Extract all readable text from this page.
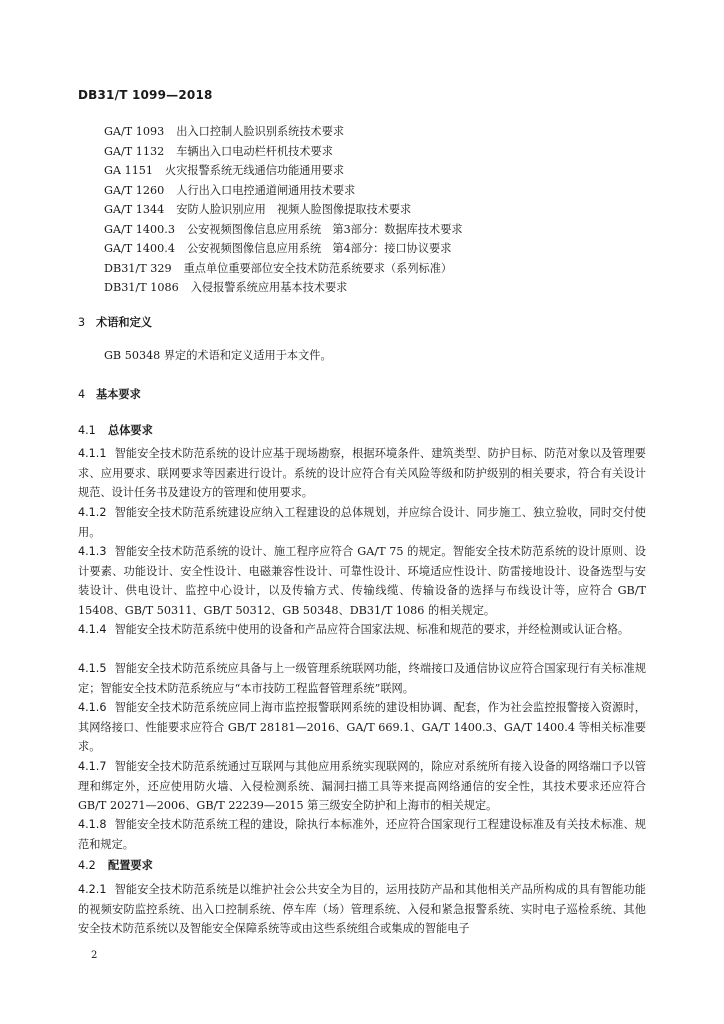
DB31/T 1099—2018
GA/T 1093 出入口控制人脸识别系统技术要求
GA/T 1132 车辆出入口电动栏杆机技术要求
GA 1151 火灾报警系统无线通信功能通用要求
GA/T 1260 人行出入口电控通道闸通用技术要求
GA/T 1344 安防人脸识别应用　视频人脸图像提取技术要求
GA/T 1400.3 公安视频图像信息应用系统　第3部分：数据库技术要求
GA/T 1400.4 公安视频图像信息应用系统　第4部分：接口协议要求
DB31/T 329 重点单位重要部位安全技术防范系统要求（系列标准）
DB31/T 1086 入侵报警系统应用基本技术要求
3 术语和定义
GB 50348 界定的术语和定义适用于本文件。
4 基本要求
4.1 总体要求

4.1.1 智能安全技术防范系统的设计应基于现场勘察，根据环境条件、建筑类型、防护目标、防范对象以及管理要求、应用要求、联网要求等因素进行设计。系统的设计应符合有关风险等级和防护级别的相关要求，符合有关设计规范、设计任务书及建设方的管理和使用要求。

4.1.2 智能安全技术防范系统建设应纳入工程建设的总体规划，并应综合设计、同步施工、独立验收，同时交付使用。

4.1.3 智能安全技术防范系统的设计、施工程序应符合 GA/T 75 的规定。智能安全技术防范系统的设计原则、设计要素、功能设计、安全性设计、电磁兼容性设计、可靠性设计、环境适应性设计、防雷接地设计、设备选型与安装设计、供电设计、监控中心设计，以及传输方式、传输线缆、传输设备的选择与布线设计等，应符合 GB/T 15408、GB/T 50311、GB/T 50312、GB 50348、DB31/T 1086 的相关规定。

4.1.4 智能安全技术防范系统中使用的设备和产品应符合国家法规、标准和规范的要求，并经检测或认证合格。

4.1.5 智能安全技术防范系统应具备与上一级管理系统联网功能，终端接口及通信协议应符合国家现行有关标准规定；智能安全技术防范系统应与“本市技防工程监督管理系统”联网。

4.1.6 智能安全技术防范系统应同上海市监控报警联网系统的建设相协调、配套，作为社会监控报警接入资源时，其网络接口、性能要求应符合 GB/T 28181—2016、GA/T 669.1、GA/T 1400.3、GA/T 1400.4 等相关标准要求。

4.1.7 智能安全技术防范系统通过互联网与其他应用系统实现联网的，除应对系统所有接入设备的网络端口予以管理和绑定外，还应使用防火墙、入侵检测系统、漏洞扫描工具等来提高网络通信的安全性，其技术要求还应符合 GB/T 20271—2006、GB/T 22239—2015 第三级安全防护和上海市的相关规定。

4.1.8 智能安全技术防范系统工程的建设，除执行本标准外，还应符合国家现行工程建设标准及有关技术标准、规范和规定。

4.2 配置要求

4.2.1 智能安全技术防范系统是以维护社会公共安全为目的，运用技防产品和其他相关产品所构成的具有智能功能的视频安防监控系统、出入口控制系统、停车库（场）管理系统、入侵和紧急报警系统、实时电子巡检系统、其他安全技术防范系统以及智能安全保障系统等或由这些系统组合或集成的智能电子

2
